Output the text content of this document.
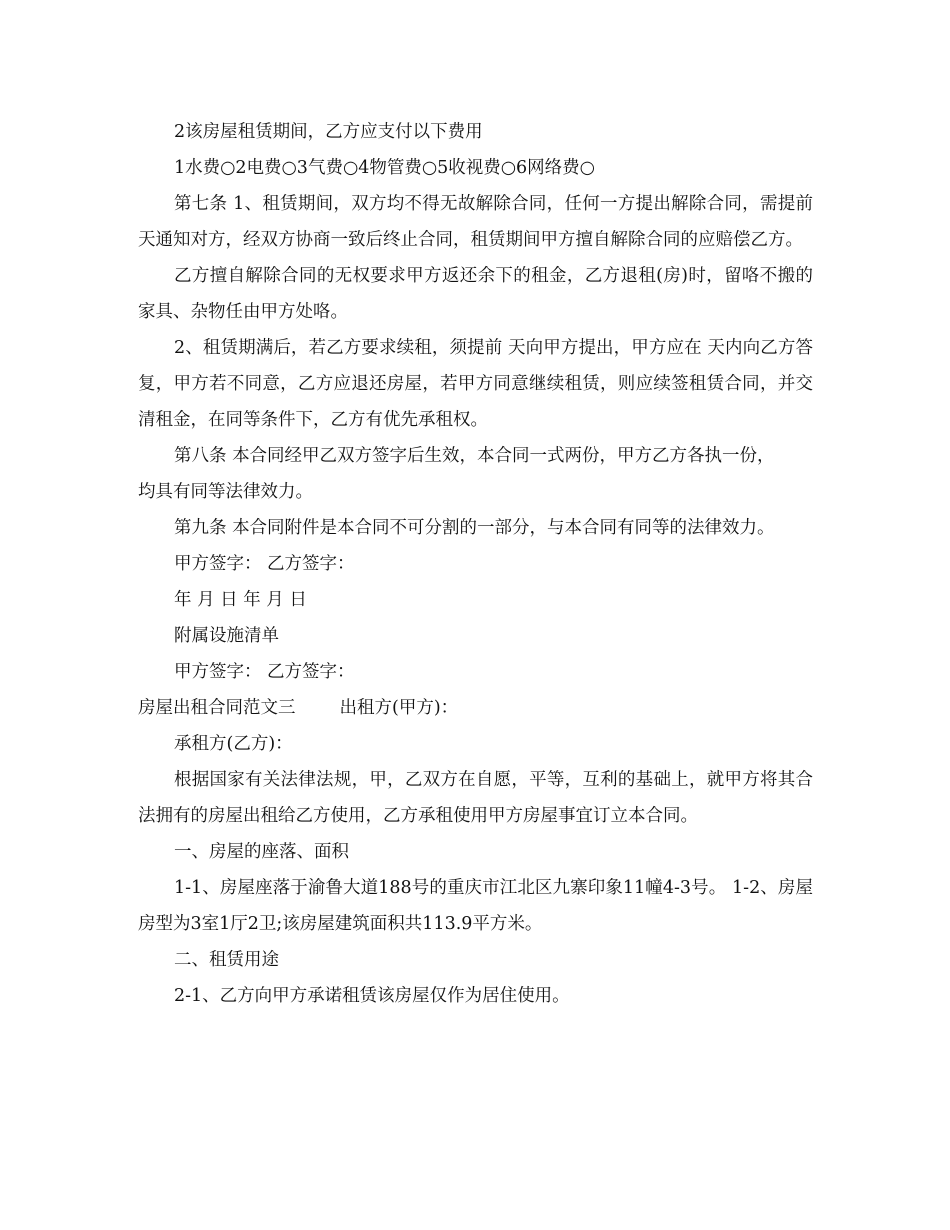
2该房屋租赁期间，乙方应支付以下费用

1水费○2电费○3气费○4物管费○5收视费○6网络费○

第七条 1、租赁期间，双方均不得无故解除合同，任何一方提出解除合同，需提前 天通知对方，经双方协商一致后终止合同，租赁期间甲方擅自解除合同的应赔偿乙方。

乙方擅自解除合同的无权要求甲方返还余下的租金，乙方退租(房)时，留咯不搬的家具、杂物任由甲方处咯。

2、租赁期满后，若乙方要求续租，须提前 天向甲方提出，甲方应在 天内向乙方答复，甲方若不同意，乙方应退还房屋，若甲方同意继续租赁，则应续签租赁合同，并交清租金，在同等条件下，乙方有优先承租权。

第八条 本合同经甲乙双方签字后生效，本合同一式两份，甲方乙方各执一份，均具有同等法律效力。

第九条 本合同附件是本合同不可分割的一部分，与本合同有同等的法律效力。

甲方签字： 乙方签字：

年 月 日 年 月 日

附属设施清单

甲方签字： 乙方签字：

房屋出租合同范文三	出租方(甲方)：

承租方(乙方)：

根据国家有关法律法规，甲，乙双方在自愿，平等，互利的基础上，就甲方将其合法拥有的房屋出租给乙方使用，乙方承租使用甲方房屋事宜订立本合同。

一、房屋的座落、面积

1-1、房屋座落于渝鲁大道188号的重庆市江北区九寨印象11幢4-3号。 1-2、房屋房型为3室1厅2卫;该房屋建筑面积共113.9平方米。

二、租赁用途

2-1、乙方向甲方承诺租赁该房屋仅作为居住使用。
